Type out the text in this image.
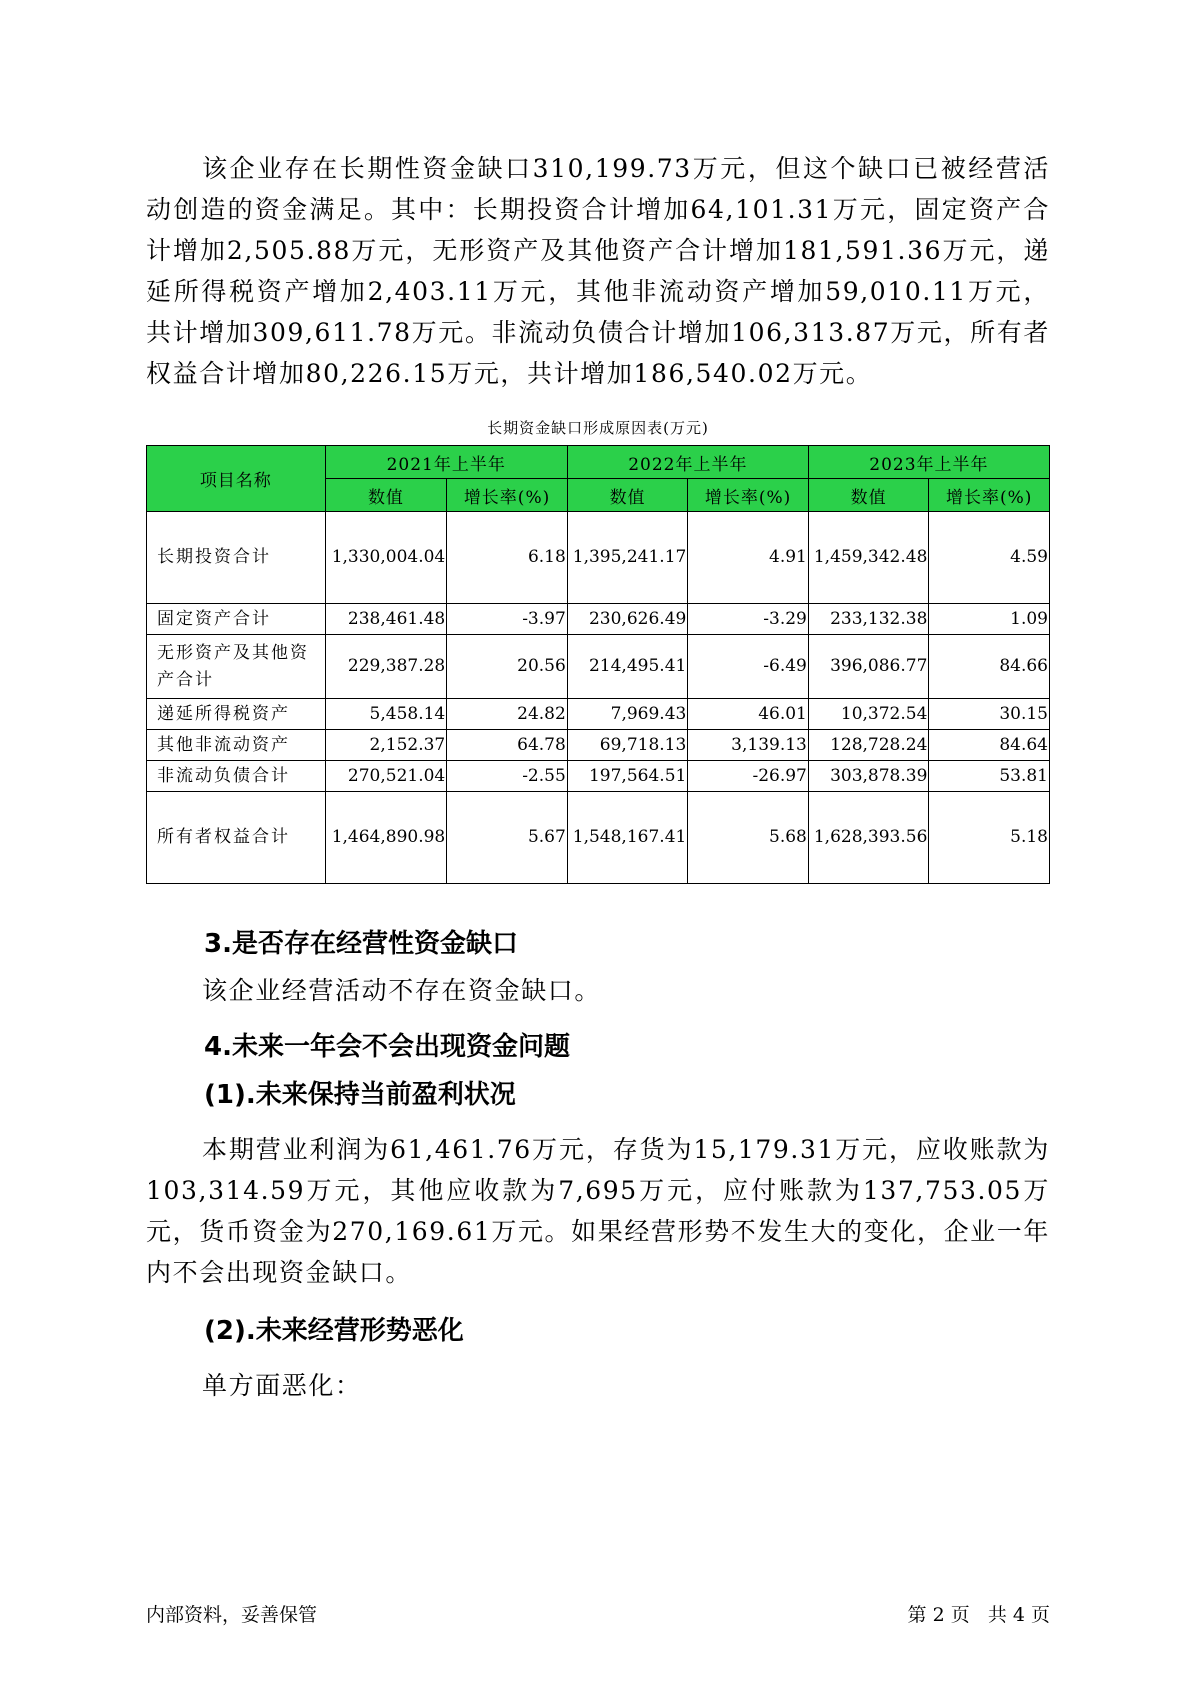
该企业存在长期性资金缺口310,199.73万元，但这个缺口已被经营活动创造的资金满足。其中：长期投资合计增加64,101.31万元，固定资产合计增加2,505.88万元，无形资产及其他资产合计增加181,591.36万元，递延所得税资产增加2,403.11万元，其他非流动资产增加59,010.11万元，共计增加309,611.78万元。非流动负债合计增加106,313.87万元，所有者权益合计增加80,226.15万元，共计增加186,540.02万元。

长期资金缺口形成原因表(万元)
项目名称	2021年上半年		2022年上半年		2023年上半年	
	数值	增长率(%)	数值	增长率(%)	数值	增长率(%)
长期投资合计	1,330,004.04	6.18	1,395,241.17	4.91	1,459,342.48	4.59
固定资产合计	238,461.48	-3.97	230,626.49	-3.29	233,132.38	1.09
无形资产及其他资产合计	229,387.28	20.56	214,495.41	-6.49	396,086.77	84.66
递延所得税资产	5,458.14	24.82	7,969.43	46.01	10,372.54	30.15
其他非流动资产	2,152.37	64.78	69,718.13	3,139.13	128,728.24	84.64
非流动负债合计	270,521.04	-2.55	197,564.51	-26.97	303,878.39	53.81
所有者权益合计	1,464,890.98	5.67	1,548,167.41	5.68	1,628,393.56	5.18
3.是否存在经营性资金缺口

该企业经营活动不存在资金缺口。

4.未来一年会不会出现资金问题
(1).未来保持当前盈利状况

本期营业利润为61,461.76万元，存货为15,179.31万元，应收账款为103,314.59万元，其他应收款为7,695万元，应付账款为137,753.05万元，货币资金为270,169.61万元。如果经营形势不发生大的变化，企业一年内不会出现资金缺口。

(2).未来经营形势恶化

单方面恶化：

内部资料，妥善保管	第 2 页   共 4 页
